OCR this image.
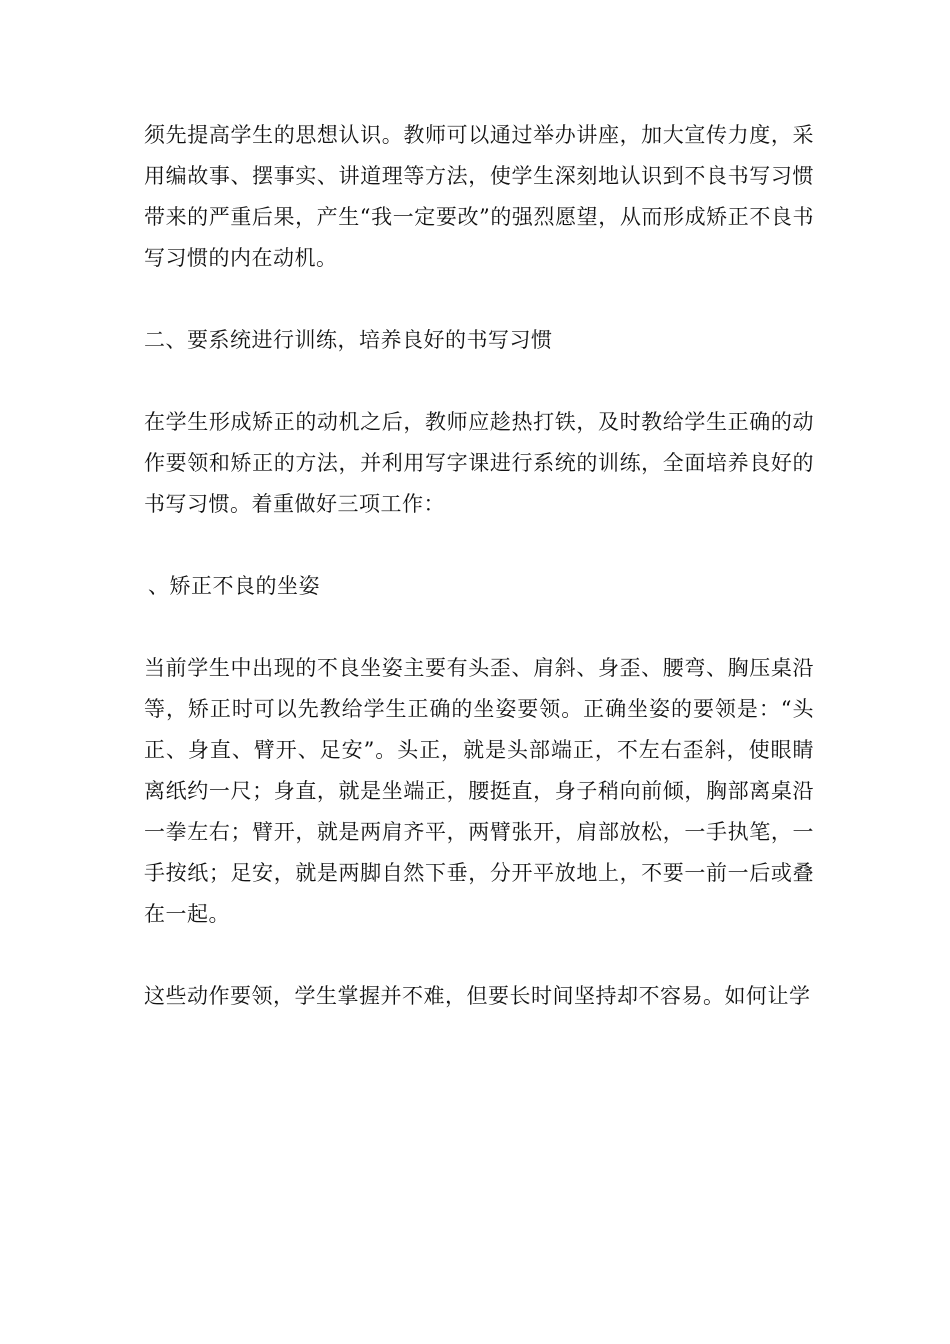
须先提高学生的思想认识。教师可以通过举办讲座，加大宣传力度，采用编故事、摆事实、讲道理等方法，使学生深刻地认识到不良书写习惯带来的严重后果，产生“我一定要改”的强烈愿望，从而形成矫正不良书写习惯的内在动机。

二、要系统进行训练，培养良好的书写习惯

在学生形成矫正的动机之后，教师应趁热打铁，及时教给学生正确的动作要领和矫正的方法，并利用写字课进行系统的训练，全面培养良好的书写习惯。着重做好三项工作：

、矫正不良的坐姿

当前学生中出现的不良坐姿主要有头歪、肩斜、身歪、腰弯、胸压桌沿等，矫正时可以先教给学生正确的坐姿要领。正确坐姿的要领是：“头正、身直、臂开、足安”。头正，就是头部端正，不左右歪斜，使眼睛离纸约一尺；身直，就是坐端正，腰挺直，身子稍向前倾，胸部离桌沿一拳左右；臂开，就是两肩齐平，两臂张开，肩部放松，一手执笔，一手按纸；足安，就是两脚自然下垂，分开平放地上，不要一前一后或叠在一起。

这些动作要领，学生掌握并不难，但要长时间坚持却不容易。如何让学
